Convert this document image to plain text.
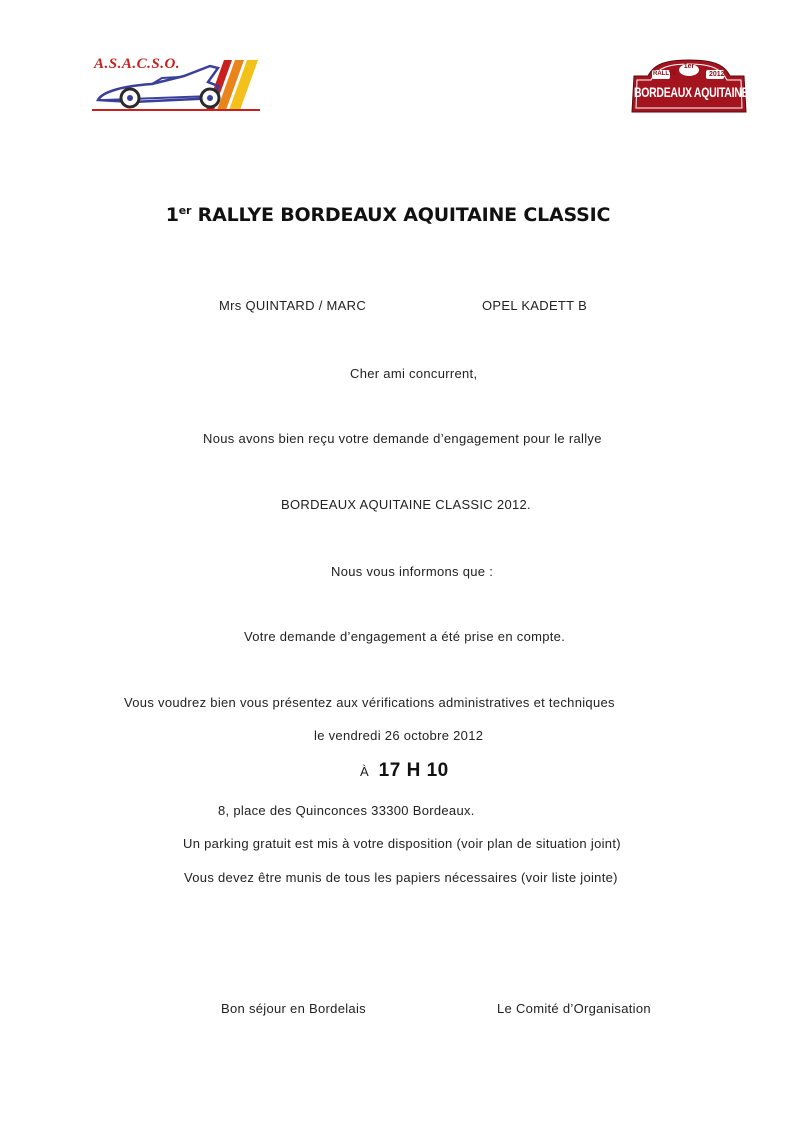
A.S.A.C.S.O.	1er
RALLYE	2012
BORDEAUX AQUITAINE CLASSIC
1er RALLYE BORDEAUX AQUITAINE CLASSIC
Mrs QUINTARD / MARC	OPEL KADETT B
Cher ami concurrent,
Nous avons bien reçu votre demande d’engagement pour le rallye
BORDEAUX AQUITAINE CLASSIC 2012.
Nous vous informons que :
Votre demande d’engagement a été prise en compte.
Vous voudrez bien vous présentez aux vérifications administratives et techniques
le vendredi 26 octobre 2012
À 17 H 10
8, place des Quinconces 33300 Bordeaux.
Un parking gratuit est mis à votre disposition (voir plan de situation joint)
Vous devez être munis de tous les papiers nécessaires (voir liste jointe)
Bon séjour en Bordelais	Le Comité d’Organisation
